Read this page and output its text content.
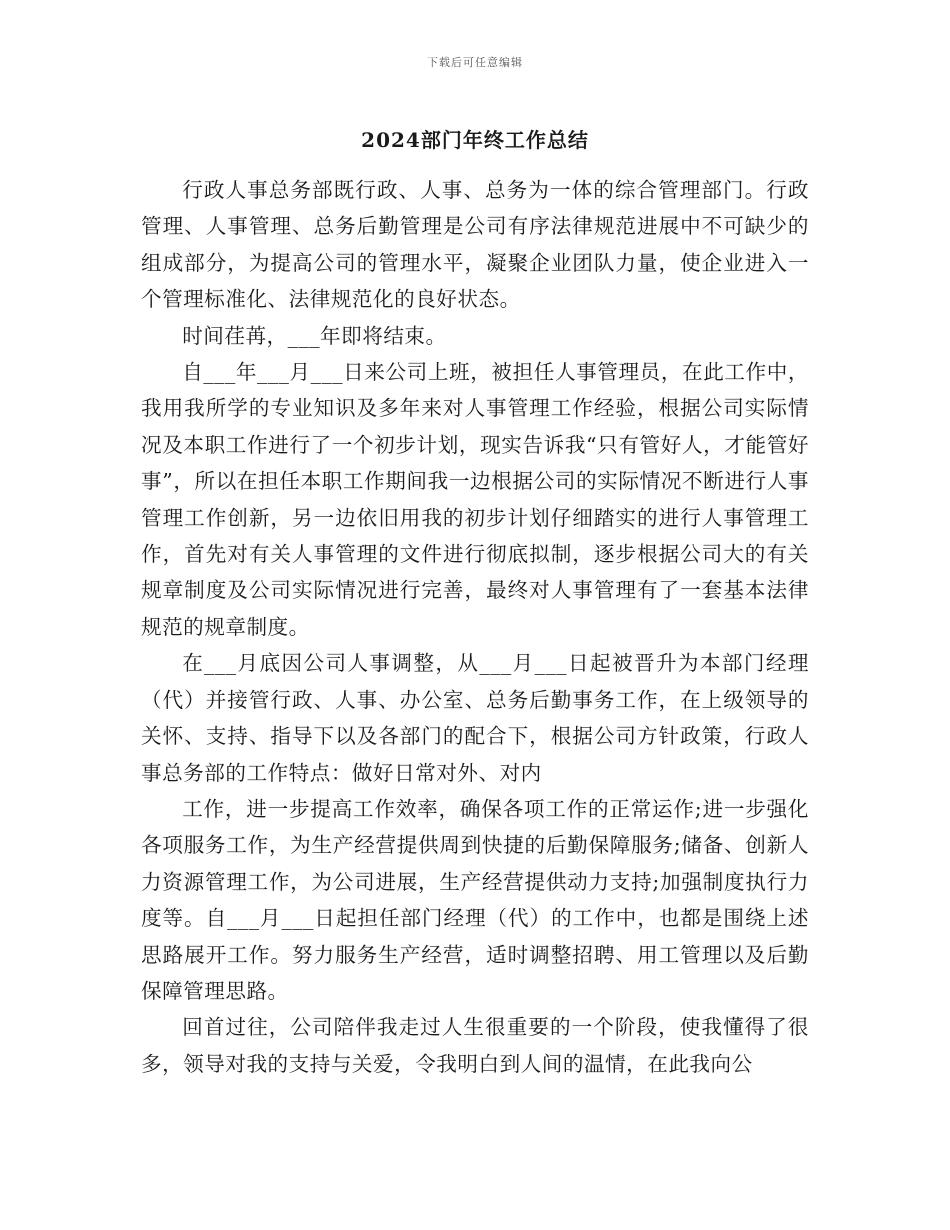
下载后可任意编辑
2024部门年终工作总结

行政人事总务部既行政、人事、总务为一体的综合管理部门。行政管理、人事管理、总务后勤管理是公司有序法律规范进展中不可缺少的组成部分，为提高公司的管理水平，凝聚企业团队力量，使企业进入一个管理标准化、法律规范化的良好状态。

时间荏苒，___年即将结束。

自___年___月___日来公司上班，被担任人事管理员，在此工作中，我用我所学的专业知识及多年来对人事管理工作经验，根据公司实际情况及本职工作进行了一个初步计划，现实告诉我“只有管好人，才能管好事”，所以在担任本职工作期间我一边根据公司的实际情况不断进行人事管理工作创新，另一边依旧用我的初步计划仔细踏实的进行人事管理工作，首先对有关人事管理的文件进行彻底拟制，逐步根据公司大的有关规章制度及公司实际情况进行完善，最终对人事管理有了一套基本法律规范的规章制度。

在___月底因公司人事调整，从___月___日起被晋升为本部门经理（代）并接管行政、人事、办公室、总务后勤事务工作，在上级领导的关怀、支持、指导下以及各部门的配合下，根据公司方针政策，行政人事总务部的工作特点：做好日常对外、对内

工作，进一步提高工作效率，确保各项工作的正常运作;进一步强化各项服务工作，为生产经营提供周到快捷的后勤保障服务;储备、创新人力资源管理工作，为公司进展，生产经营提供动力支持;加强制度执行力度等。自___月___日起担任部门经理（代）的工作中，也都是围绕上述思路展开工作。努力服务生产经营，适时调整招聘、用工管理以及后勤保障管理思路。

回首过往，公司陪伴我走过人生很重要的一个阶段，使我懂得了很多，领导对我的支持与关爱，令我明白到人间的温情，在此我向公
